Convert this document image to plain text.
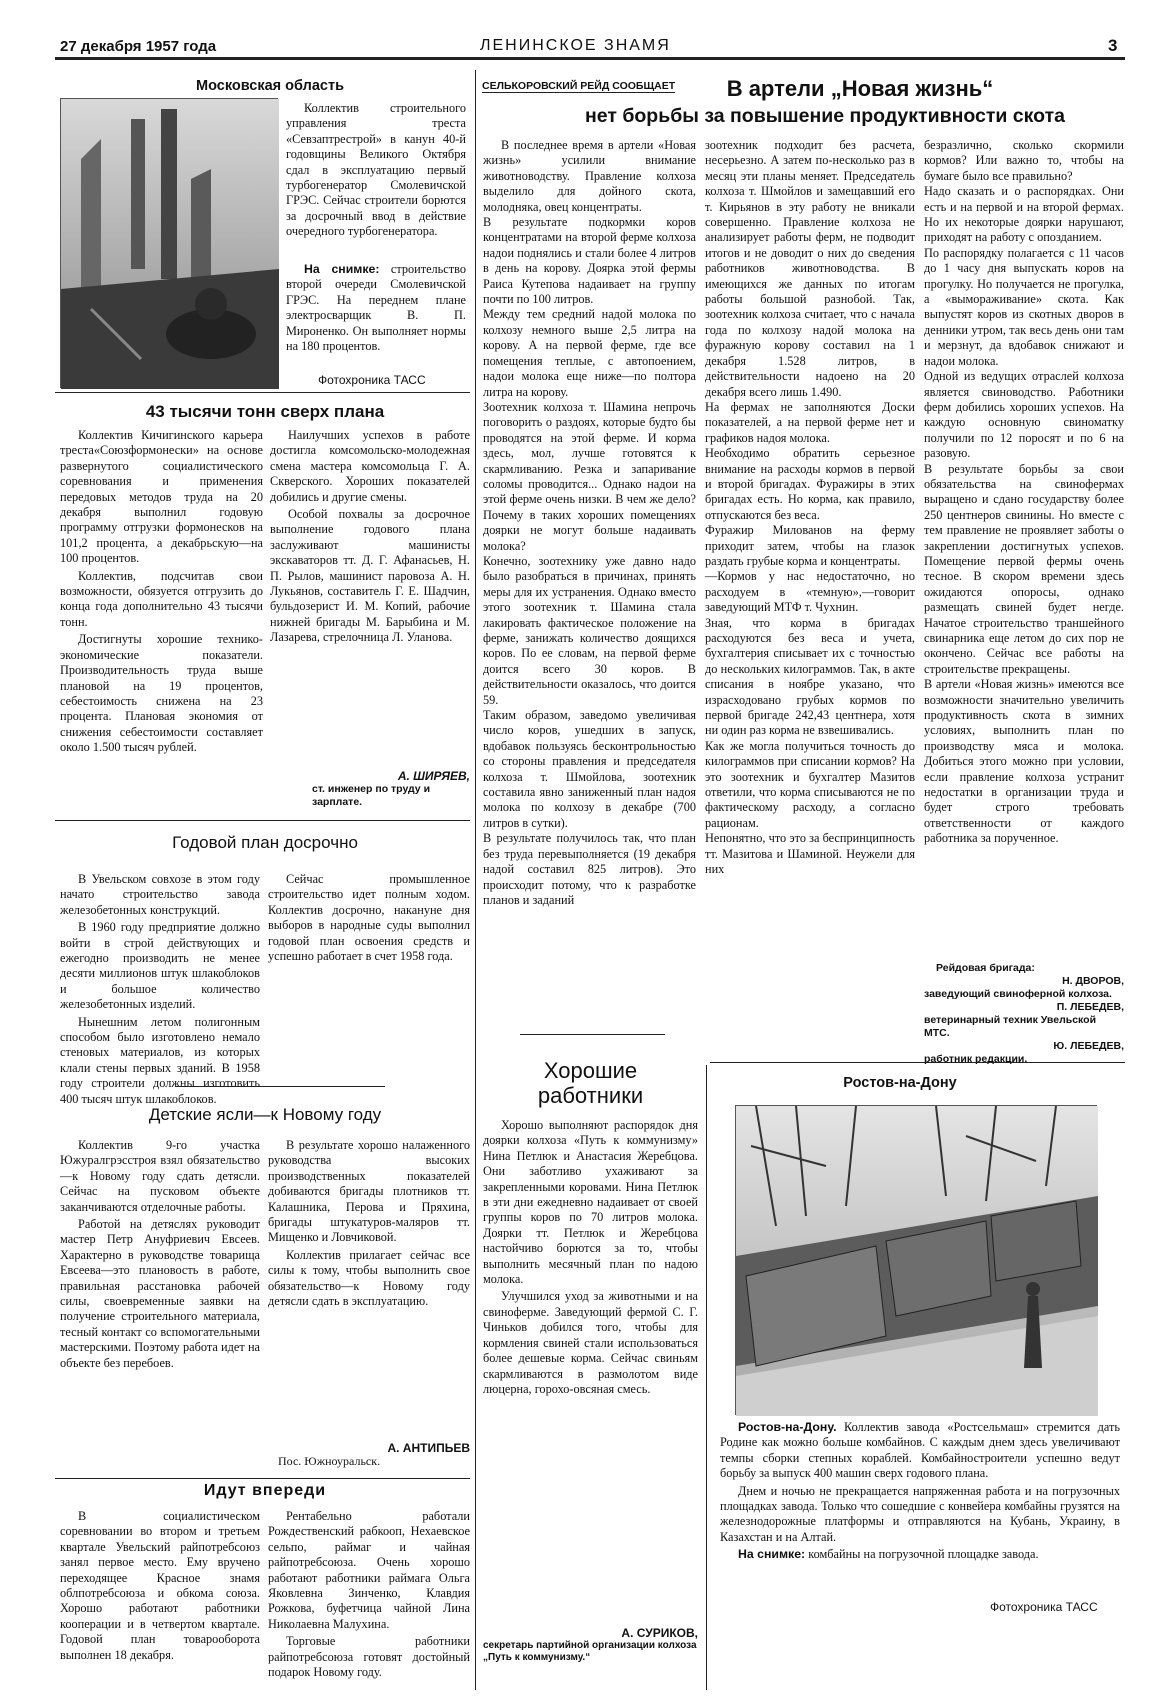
27 декабря 1957 года	ЛЕНИНСКОЕ ЗНАМЯ	3
Московская область
Коллектив строительного управления треста «Севзаптрестрой» в канун 40-й годовщины Великого Октября сдал в эксплуатацию первый турбогенератор Смолевичской ГРЭС. Сейчас строители борются за досрочный ввод в действие очередного турбогенератора.
На снимке: строительство второй очереди Смолевичской ГРЭС. На переднем плане электросварщик В. П. Мироненко. Он выполняет нормы на 180 процентов.
Фотохроника ТАСС
43 тысячи тонн сверх плана

Коллектив Кичигинского карьера треста«Союзформонески» на основе развернутого социалистического соревнования и применения передовых методов труда на 20 декабря выполнил годовую программу отгрузки формонесков на 101,2 процента, а декабрьскую—на 100 процентов.

Коллектив, подсчитав свои возможности, обязуется отгрузить до конца года дополнительно 43 тысячи тонн.

Достигнуты хорошие технико-экономические показатели. Производительность труда выше плановой на 19 процентов, себестоимость снижена на 23 процента. Плановая экономия от снижения себестоимости составляет около 1.500 тысяч рублей.

Наилучших успехов в работе достигла комсомольско-молодежная смена мастера комсомольца Г. А. Скверского. Хороших показателей добились и другие смены.

Особой похвалы за досрочное выполнение годового плана заслуживают машинисты экскаваторов тт. Д. Г. Афанасьев, Н. П. Рылов, машинист паровоза А. Н. Лукьянов, составитель Г. Е. Шадчин, бульдозерист И. М. Копий, рабочие нижней бригады М. Барыбина и М. Лазарева, стрелочница Л. Уланова.

А. ШИРЯЕВ,
ст. инженер по труду и зарплате.
Годовой план досрочно

В Увельском совхозе в этом году начато строительство завода железобетонных конструкций.

В 1960 году предприятие должно войти в строй действующих и ежегодно производить не менее десяти миллионов штук шлакоблоков и большое количество железобетонных изделий.

Нынешним летом полигонным способом было изготовлено немало стеновых материалов, из которых клали стены первых зданий. В 1958 году строители должны изготовить 400 тысяч штук шлакоблоков.

Сейчас промышленное строительство идет полным ходом. Коллектив досрочно, накануне дня выборов в народные суды выполнил годовой план освоения средств и успешно работает в счет 1958 года.

Детские ясли—к Новому году

Коллектив 9-го участка Южуралгрэсстроя взял обязательство—к Новому году сдать детясли. Сейчас на пусковом объекте заканчиваются отделочные работы.

Работой на детяслях руководит мастер Петр Ануфриевич Евсеев. Характерно в руководстве товарища Евсеева—это плановость в работе, правильная расстановка рабочей силы, своевременные заявки на получение строительного материала, тесный контакт со вспомогательными мастерскими. Поэтому работа идет на объекте без перебоев.

В результате хорошо налаженного руководства высоких производственных показателей добиваются бригады плотников тт. Калашника, Перова и Пряхина, бригады штукатуров-маляров тт. Мищенко и Ловчиковой.

Коллектив прилагает сейчас все силы к тому, чтобы выполнить свое обязательство—к Новому году детясли сдать в эксплуатацию.

А. АНТИПЬЕВ
Пос. Южноуральск.
Идут впереди

В социалистическом соревновании во втором и третьем квартале Увельский райпотребсоюз занял первое место. Ему вручено переходящее Красное знамя облпотребсоюза и обкома союза. Хорошо работают работники кооперации и в четвертом квартале. Годовой план товарооборота выполнен 18 декабря.

Рентабельно работали Рождественский рабкооп, Нехаевское сельпо, раймаг и чайная райпотребсоюза. Очень хорошо работают работники раймага Ольга Яковлевна Зинченко, Клавдия Рожкова, буфетчица чайной Лина Николаевна Малухина.

Торговые работники райпотребсоюза готовят достойный подарок Новому году.

СЕЛЬКОРОВСКИЙ РЕЙД СООБЩАЕТ	В артели „Новая жизнь“
нет борьбы за повышение продуктивности скота
В последнее время в артели «Новая жизнь» усилили внимание животноводству. Правление колхоза выделило для дойного скота, молодняка, овец концентраты.
В результате подкормки коров концентратами на второй ферме колхоза надои поднялись и стали более 4 литров в день на корову. Доярка этой фермы Раиса Кутепова надаивает на группу почти по 100 литров.
Между тем средний надой молока по колхозу немного выше 2,5 литра на корову. А на первой ферме, где все помещения теплые, с автопоением, надои молока еще ниже—по полтора литра на корову.
Зоотехник колхоза т. Шамина непрочь поговорить о раздоях, которые будто бы проводятся на этой ферме. И корма здесь, мол, лучше готовятся к скармливанию. Резка и запаривание соломы проводится... Однако надои на этой ферме очень низки. В чем же дело? Почему в таких хороших помещениях доярки не могут больше надаивать молока?
Конечно, зоотехнику уже давно надо было разобраться в причинах, принять меры для их устранения. Однако вместо этого зоотехник т. Шамина стала лакировать фактическое положение на ферме, занижать количество доящихся коров. По ее словам, на первой ферме доится всего 30 коров. В действительности оказалось, что доится 59.
Таким образом, заведомо увеличивая число коров, ушедших в запуск, вдобавок пользуясь бесконтрольностью со стороны правления и председателя колхоза т. Шмойлова, зоотехник составила явно заниженный план надоя молока по колхозу в декабре (700 литров в сутки).
В результате получилось так, что план без труда перевыполняется (19 декабря надой составил 825 литров). Это происходит потому, что к разработке планов и заданий
зоотехник подходит без расчета, несерьезно. А затем по-несколько раз в месяц эти планы меняет. Председатель колхоза т. Шмойлов и замещавший его т. Кирьянов в эту работу не вникали совершенно. Правление колхоза не анализирует работы ферм, не подводит итогов и не доводит о них до сведения работников животноводства. В имеющихся же данных по итогам работы большой разнобой. Так, зоотехник колхоза считает, что с начала года по колхозу надой молока на фуражную корову составил на 1 декабря 1.528 литров, в действительности надоено на 20 декабря всего лишь 1.490.
На фермах не заполняются Доски показателей, а на первой ферме нет и графиков надоя молока.
Необходимо обратить серьезное внимание на расходы кормов в первой и второй бригадах. Фуражиры в этих бригадах есть. Но корма, как правило, отпускаются без веса.
Фуражир Милованов на ферму приходит затем, чтобы на глазок раздать грубые корма и концентраты.
—Кормов у нас недостаточно, но расходуем в «темную»,—говорит заведующий МТФ т. Чухнин.
Зная, что корма в бригадах расходуются без веса и учета, бухгалтерия списывает их с точностью до нескольких килограммов. Так, в акте списания в ноябре указано, что израсходовано грубых кормов по первой бригаде 242,43 центнера, хотя ни один раз корма не взвешивались.
Как же могла получиться точность до килограммов при списании кормов? На это зоотехник и бухгалтер Мазитов ответили, что корма списываются не по фактическому расходу, а согласно рационам.
Непонятно, что это за беспринципность тт. Мазитова и Шаминой. Неужели для них
безразлично, сколько скормили кормов? Или важно то, чтобы на бумаге было все правильно?
Надо сказать и о распорядках. Они есть и на первой и на второй фермах. Но их некоторые доярки нарушают, приходят на работу с опозданием.
По распорядку полагается с 11 часов до 1 часу дня выпускать коров на прогулку. Но получается не прогулка, а «вымораживание» скота. Как выпустят коров из скотных дворов в денники утром, так весь день они там и мерзнут, да вдобавок снижают и надои молока.
Одной из ведущих отраслей колхоза является свиноводство. Работники ферм добились хороших успехов. На каждую основную свиноматку получили по 12 поросят и по 6 на разовую.
В результате борьбы за свои обязательства на свинофермах выращено и сдано государству более 250 центнеров свинины. Но вместе с тем правление не проявляет заботы о закреплении достигнутых успехов. Помещение первой фермы очень тесное. В скором времени здесь ожидаются опоросы, однако размещать свиней будет негде. Начатое строительство траншейного свинарника еще летом до сих пор не окончено. Сейчас все работы на строительстве прекращены.
В артели «Новая жизнь» имеются все возможности значительно увеличить продуктивность скота в зимних условиях, выполнить план по производству мяса и молока. Добиться этого можно при условии, если правление колхоза устранит недостатки в организации труда и будет строго требовать ответственности от каждого работника за порученное.
Рейдовая бригада:
Н. ДВОРОВ,
заведующий свиноферной колхоза.
П. ЛЕБЕДЕВ,
ветеринарный техник Увельской МТС.
Ю. ЛЕБЕДЕВ,
работник редакции.
Хорошие
работники

Хорошо выполняют распорядок дня доярки колхоза «Путь к коммунизму» Нина Петлюк и Анастасия Жеребцова. Они заботливо ухаживают за закрепленными коровами. Нина Петлюк в эти дни ежедневно надаивает от своей группы коров по 70 литров молока. Доярки тт. Петлюк и Жеребцова настойчиво борются за то, чтобы выполнить месячный план по надою молока.

Улучшился уход за животными и на свиноферме. Заведующий фермой С. Г. Чиньков добился того, чтобы для кормления свиней стали использоваться более дешевые корма. Сейчас свиньям скармливаются в размолотом виде люцерна, горохо-овсяная смесь.

А. СУРИКОВ,
секретарь партийной организации колхоза „Путь к коммунизму.“
Ростов-на-Дону

Ростов-на-Дону. Коллектив завода «Ростсельмаш» стремится дать Родине как можно больше комбайнов. С каждым днем здесь увеличивают темпы сборки степных кораблей. Комбайностроители успешно ведут борьбу за выпуск 400 машин сверх годового плана.

Днем и ночью не прекращается напряженная работа и на погрузочных площадках завода. Только что сошедшие с конвейера комбайны грузятся на железнодорожные платформы и отправляются на Кубань, Украину, в Казахстан и на Алтай.

На снимке: комбайны на погрузочной площадке завода.

Фотохроника ТАСС
